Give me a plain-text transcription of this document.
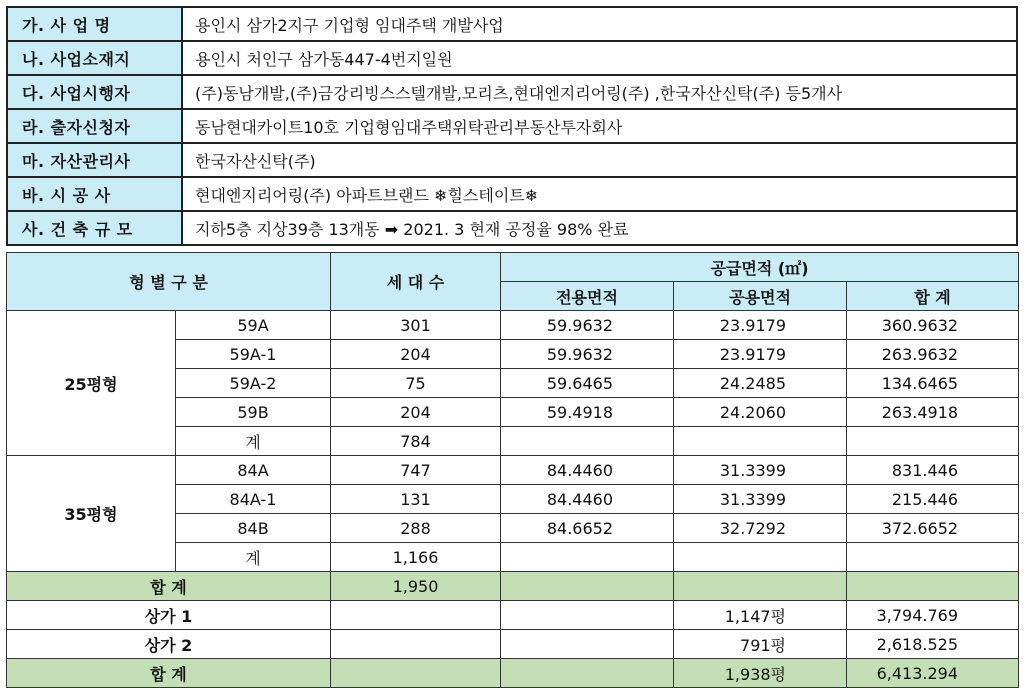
가. 사 업 명	용인시 삼가2지구 기업형 임대주택 개발사업
나. 사업소재지	용인시 처인구 삼가동447-4번지일원
다. 사업시행자	(주)동남개발,(주)금강리빙스스텔개발,모리츠,현대엔지리어링(주) ,한국자산신탁(주) 등5개사
라. 출자신청자	동남현대카이트10호 기업형임대주택위탁관리부동산투자회사
마. 자산관리사	한국자산신탁(주)
바. 시 공 사	현대엔지리어링(주) 아파트브랜드 ❄힐스테이트❄
사. 건 축 규 모	지하5층 지상39층 13개동 ➡ 2021. 3 현재 공정율 98% 완료
형 별 구 분		세 대 수	공급면적 (㎡)		
			전용면적	공용면적	합 계
25평형	59A	301	59.9632	23.9179	360.9632
	59A-1	204	59.9632	23.9179	263.9632
	59A-2	75	59.6465	24.2485	134.6465
	59B	204	59.4918	24.2060	263.4918
	계	784			
35평형	84A	747	84.4460	31.3399	831.446
	84A-1	131	84.4460	31.3399	215.446
	84B	288	84.6652	32.7292	372.6652
	계	1,166			
합 계		1,950			
상가 1				1,147평	3,794.769
상가 2				791평	2,618.525
합 계				1,938평	6,413.294
